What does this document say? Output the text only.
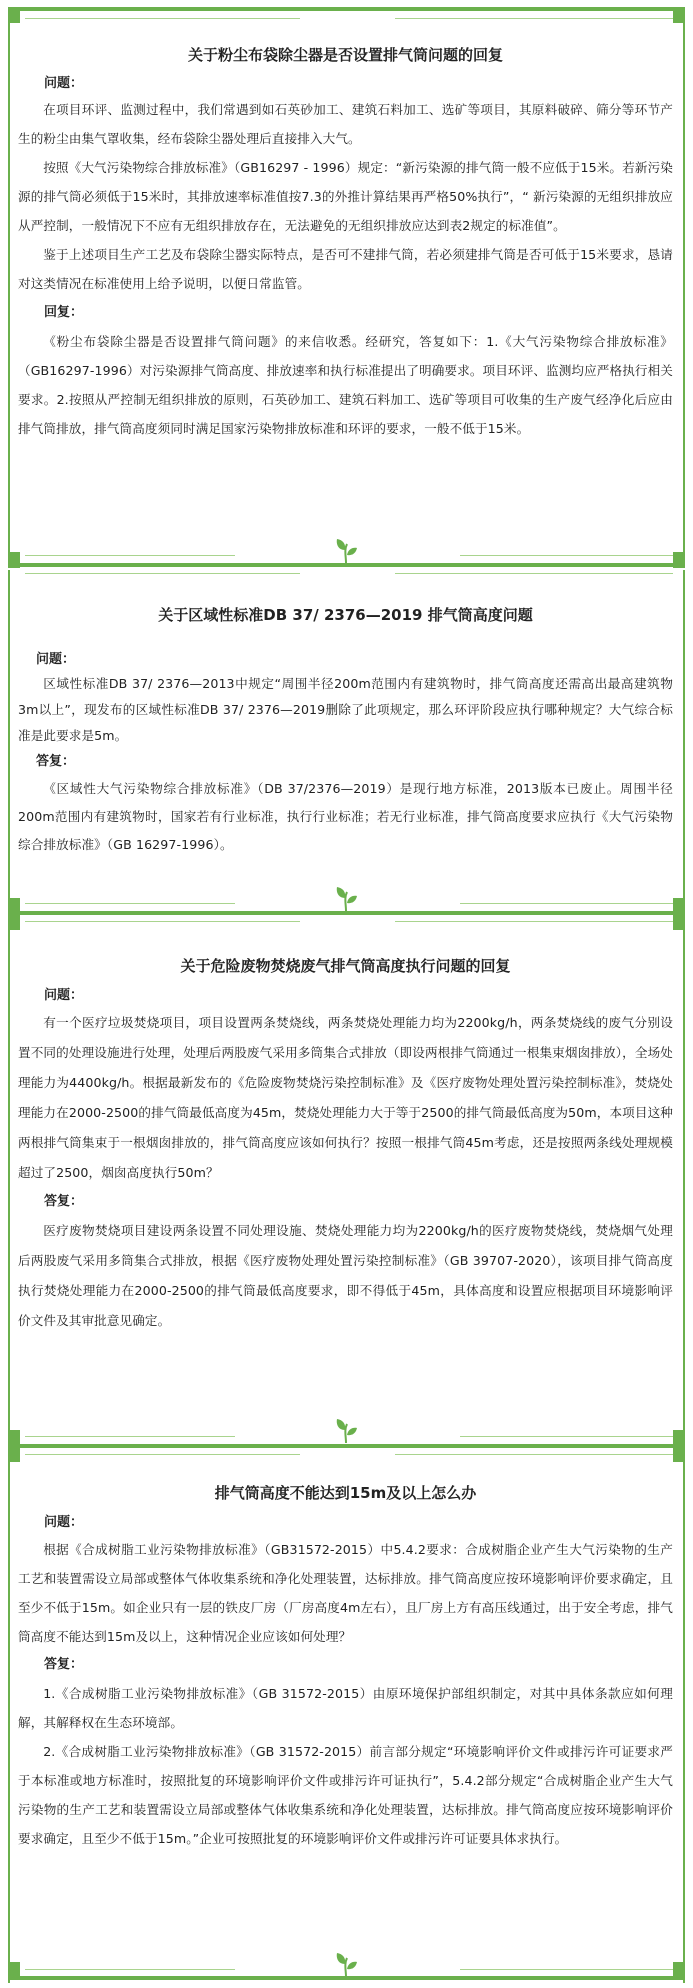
关于粉尘布袋除尘器是否设置排气筒问题的回复
问题：

在项目环评、监测过程中，我们常遇到如石英砂加工、建筑石料加工、选矿等项目，其原料破碎、筛分等环节产生的粉尘由集气罩收集，经布袋除尘器处理后直接排入大气。

按照《大气污染物综合排放标准》（GB16297 - 1996）规定：“新污染源的排气筒一般不应低于15米。若新污染源的排气筒必须低于15米时，其排放速率标准值按7.3的外推计算结果再严格50%执行”，“ 新污染源的无组织排放应从严控制，一般情况下不应有无组织排放存在，无法避免的无组织排放应达到表2规定的标准值”。

鉴于上述项目生产工艺及布袋除尘器实际特点，是否可不建排气筒，若必须建排气筒是否可低于15米要求，恳请对这类情况在标准使用上给予说明，以便日常监管。

回复：

《粉尘布袋除尘器是否设置排气筒问题》的来信收悉。经研究，答复如下：1.《大气污染物综合排放标准》（GB16297-1996）对污染源排气筒高度、排放速率和执行标准提出了明确要求。项目环评、监测均应严格执行相关要求。2.按照从严控制无组织排放的原则，石英砂加工、建筑石料加工、选矿等项目可收集的生产废气经净化后应由排气筒排放，排气筒高度须同时满足国家污染物排放标准和环评的要求，一般不低于15米。

关于区域性标准DB 37/ 2376—2019 排气筒高度问题
问题：

区域性标准DB 37/ 2376—2013中规定“周围半径200m范围内有建筑物时，排气筒高度还需高出最高建筑物3m以上”，现发布的区域性标准DB 37/ 2376—2019删除了此项规定，那么环评阶段应执行哪种规定？大气综合标准是此要求是5m。

答复：

《区域性大气污染物综合排放标准》（DB 37/2376—2019）是现行地方标准，2013版本已废止。周围半径200m范围内有建筑物时，国家若有行业标准，执行行业标准；若无行业标准，排气筒高度要求应执行《大气污染物综合排放标准》（GB 16297-1996）。

关于危险废物焚烧废气排气筒高度执行问题的回复
问题：

有一个医疗垃圾焚烧项目，项目设置两条焚烧线，两条焚烧处理能力均为2200kg/h，两条焚烧线的废气分别设置不同的处理设施进行处理，处理后两股废气采用多筒集合式排放（即设两根排气筒通过一根集束烟囱排放），全场处理能力为4400kg/h。根据最新发布的《危险废物焚烧污染控制标准》及《医疗废物处理处置污染控制标准》，焚烧处理能力在2000-2500的排气筒最低高度为45m，焚烧处理能力大于等于2500的排气筒最低高度为50m，本项目这种两根排气筒集束于一根烟囱排放的，排气筒高度应该如何执行？按照一根排气筒45m考虑，还是按照两条线处理规模超过了2500，烟囱高度执行50m？

答复：

医疗废物焚烧项目建设两条设置不同处理设施、焚烧处理能力均为2200kg/h的医疗废物焚烧线，焚烧烟气处理后两股废气采用多筒集合式排放，根据《医疗废物处理处置污染控制标准》（GB 39707-2020），该项目排气筒高度执行焚烧处理能力在2000-2500的排气筒最低高度要求，即不得低于45m，具体高度和设置应根据项目环境影响评价文件及其审批意见确定。

排气筒高度不能达到15m及以上怎么办
问题：

根据《合成树脂工业污染物排放标准》（GB31572-2015）中5.4.2要求：合成树脂企业产生大气污染物的生产工艺和装置需设立局部或整体气体收集系统和净化处理装置，达标排放。排气筒高度应按环境影响评价要求确定，且至少不低于15m。如企业只有一层的铁皮厂房（厂房高度4m左右），且厂房上方有高压线通过，出于安全考虑，排气筒高度不能达到15m及以上，这种情况企业应该如何处理？

答复：

1.《合成树脂工业污染物排放标准》（GB 31572-2015）由原环境保护部组织制定，对其中具体条款应如何理解，其解释权在生态环境部。

2.《合成树脂工业污染物排放标准》（GB 31572-2015）前言部分规定“环境影响评价文件或排污许可证要求严于本标准或地方标准时，按照批复的环境影响评价文件或排污许可证执行”，5.4.2部分规定“合成树脂企业产生大气污染物的生产工艺和装置需设立局部或整体气体收集系统和净化处理装置，达标排放。排气筒高度应按环境影响评价要求确定，且至少不低于15m。”企业可按照批复的环境影响评价文件或排污许可证要具体求执行。
